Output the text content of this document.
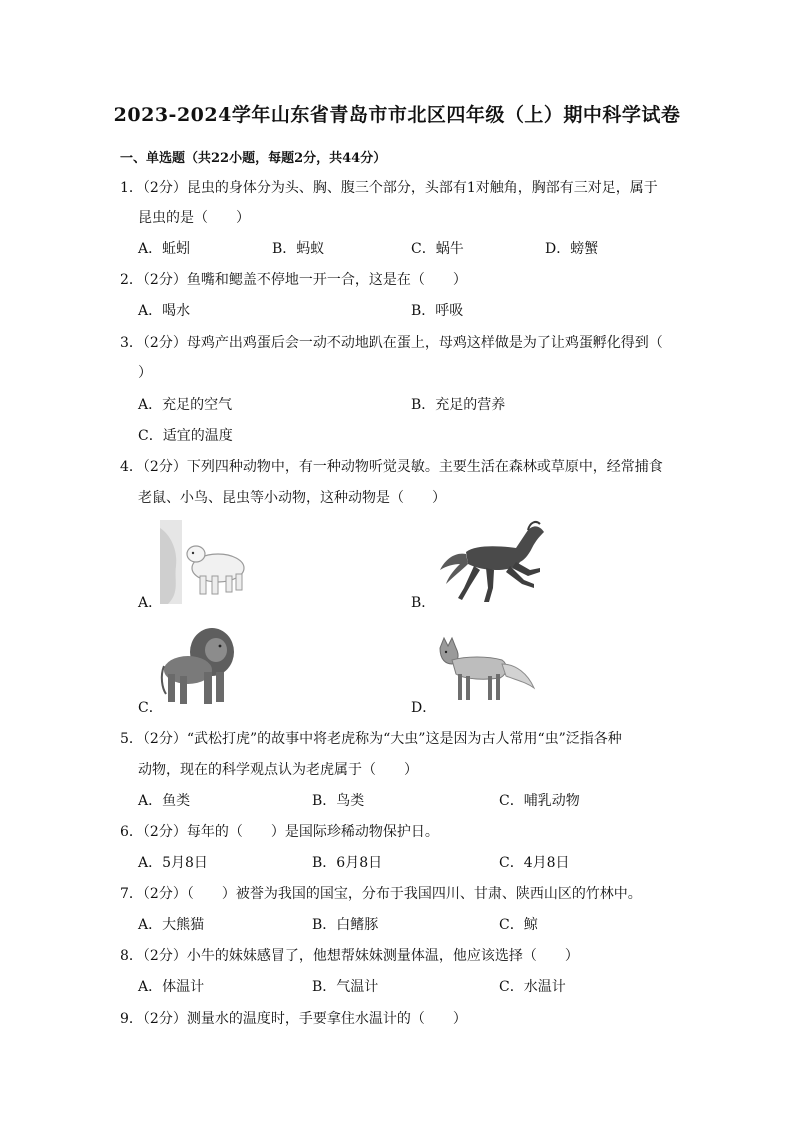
2023-2024学年山东省青岛市市北区四年级（上）期中科学试卷
一、单选题（共22小题，每题2分，共44分）
1．（2分）昆虫的身体分为头、胸、腹三个部分，头部有1对触角，胸部有三对足，属于
昆虫的是（　　）
A．蚯蚓	B．蚂蚁	C．蜗牛	D．螃蟹
2．（2分）鱼嘴和鳃盖不停地一开一合，这是在（　　）
A．喝水	B．呼吸
3．（2分）母鸡产出鸡蛋后会一动不动地趴在蛋上，母鸡这样做是为了让鸡蛋孵化得到（
）
A．充足的空气	B．充足的营养
C．适宜的温度
4．（2分）下列四种动物中，有一种动物听觉灵敏。主要生活在森林或草原中，经常捕食
老鼠、小鸟、昆虫等小动物，这种动物是（　　）
A．	B．
C．	D．
5．（2分）“武松打虎”的故事中将老虎称为“大虫”这是因为古人常用“虫”泛指各种
动物，现在的科学观点认为老虎属于（　　）
A．鱼类	B．鸟类	C．哺乳动物
6．（2分）每年的（　　）是国际珍稀动物保护日。
A．5月8日	B．6月8日	C．4月8日
7．（2分）（　　）被誉为我国的国宝，分布于我国四川、甘肃、陕西山区的竹林中。
A．大熊猫	B．白鳍豚	C．鲸
8．（2分）小牛的妹妹感冒了，他想帮妹妹测量体温，他应该选择（　　）
A．体温计	B．气温计	C．水温计
9．（2分）测量水的温度时，手要拿住水温计的（　　）
